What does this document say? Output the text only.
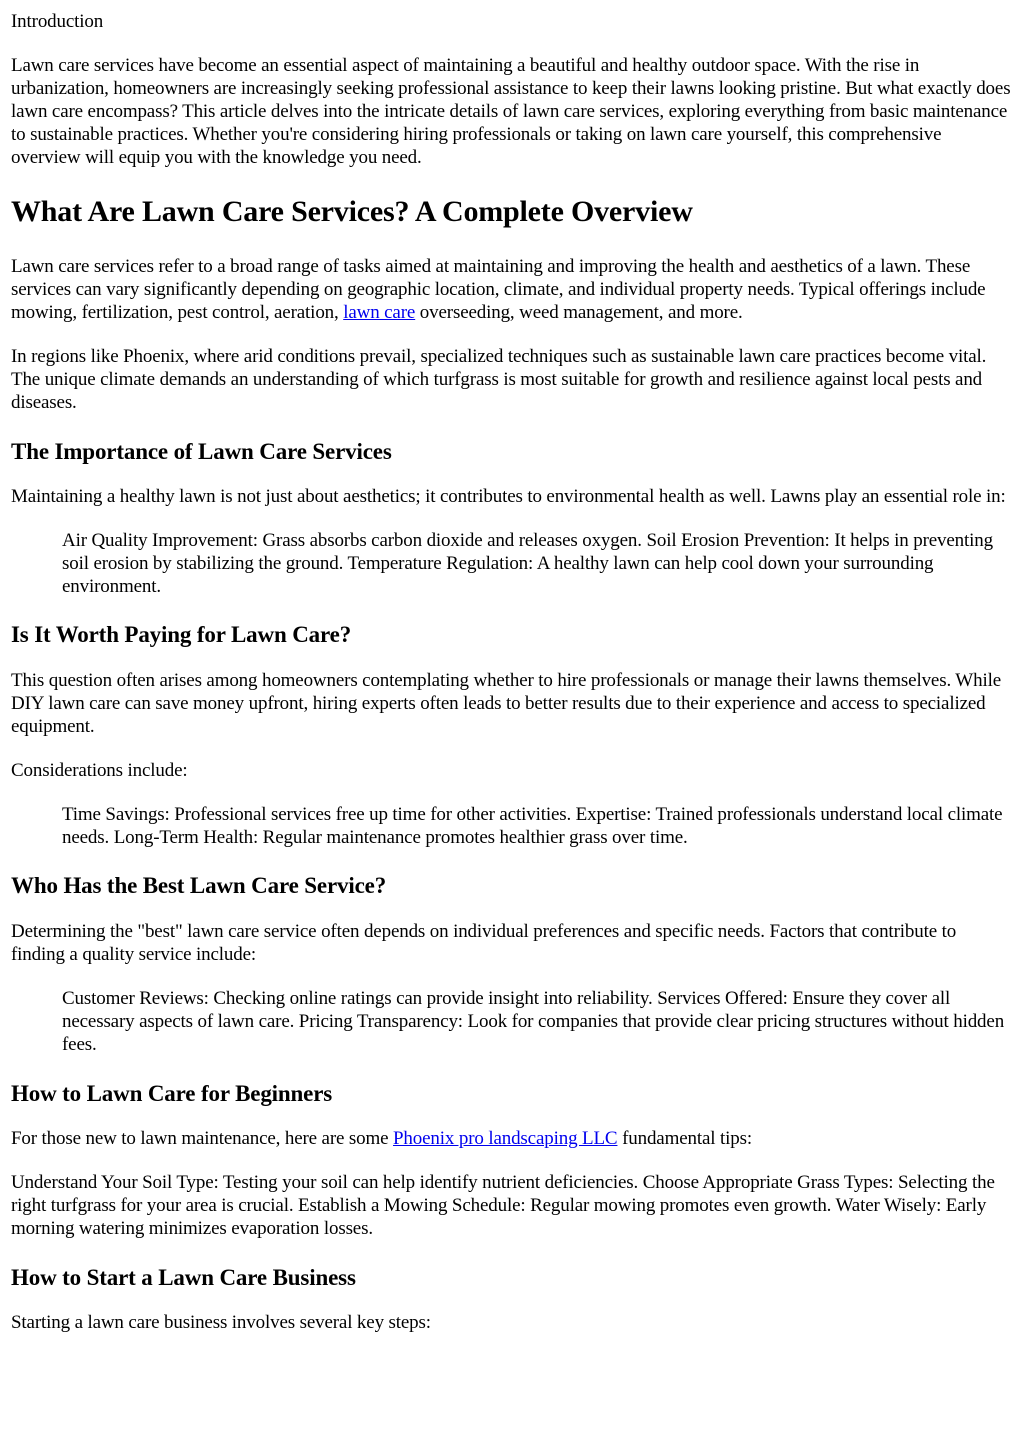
Introduction

Lawn care services have become an essential aspect of maintaining a beautiful and healthy outdoor space. With the rise in urbanization, homeowners are increasingly seeking professional assistance to keep their lawns looking pristine. But what exactly does lawn care encompass? This article delves into the intricate details of lawn care services, exploring everything from basic maintenance to sustainable practices. Whether you're considering hiring professionals or taking on lawn care yourself, this comprehensive overview will equip you with the knowledge you need.

What Are Lawn Care Services? A Complete Overview

Lawn care services refer to a broad range of tasks aimed at maintaining and improving the health and aesthetics of a lawn. These services can vary significantly depending on geographic location, climate, and individual property needs. Typical offerings include mowing, fertilization, pest control, aeration, lawn care overseeding, weed management, and more.

In regions like Phoenix, where arid conditions prevail, specialized techniques such as sustainable lawn care practices become vital. The unique climate demands an understanding of which turfgrass is most suitable for growth and resilience against local pests and diseases.

The Importance of Lawn Care Services

Maintaining a healthy lawn is not just about aesthetics; it contributes to environmental health as well. Lawns play an essential role in:

Air Quality Improvement: Grass absorbs carbon dioxide and releases oxygen. Soil Erosion Prevention: It helps in preventing soil erosion by stabilizing the ground. Temperature Regulation: A healthy lawn can help cool down your surrounding environment.
Is It Worth Paying for Lawn Care?

This question often arises among homeowners contemplating whether to hire professionals or manage their lawns themselves. While DIY lawn care can save money upfront, hiring experts often leads to better results due to their experience and access to specialized equipment.

Considerations include:

Time Savings: Professional services free up time for other activities. Expertise: Trained professionals understand local climate needs. Long-Term Health: Regular maintenance promotes healthier grass over time.
Who Has the Best Lawn Care Service?

Determining the "best" lawn care service often depends on individual preferences and specific needs. Factors that contribute to finding a quality service include:

Customer Reviews: Checking online ratings can provide insight into reliability. Services Offered: Ensure they cover all necessary aspects of lawn care. Pricing Transparency: Look for companies that provide clear pricing structures without hidden fees.
How to Lawn Care for Beginners

For those new to lawn maintenance, here are some Phoenix pro landscaping LLC fundamental tips:

Understand Your Soil Type: Testing your soil can help identify nutrient deficiencies. Choose Appropriate Grass Types: Selecting the right turfgrass for your area is crucial. Establish a Mowing Schedule: Regular mowing promotes even growth. Water Wisely: Early morning watering minimizes evaporation losses.

How to Start a Lawn Care Business

Starting a lawn care business involves several key steps:
